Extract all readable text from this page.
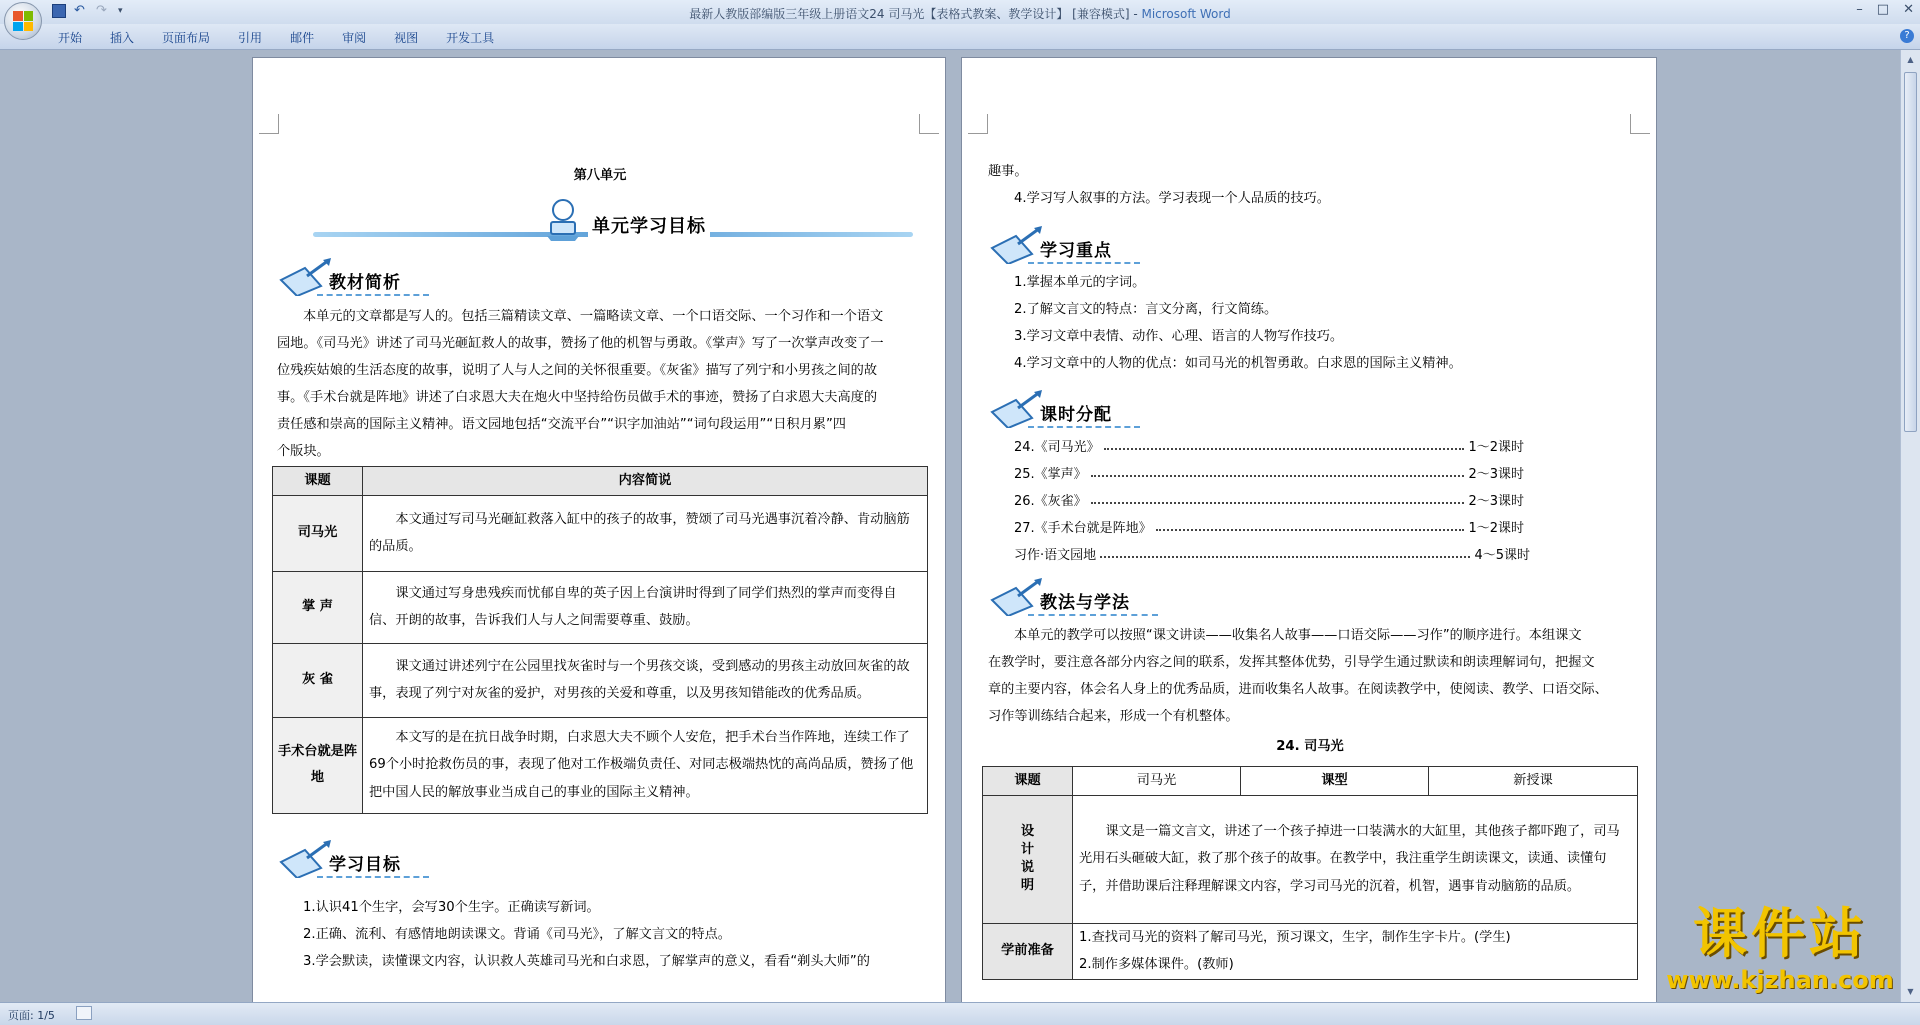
↶ ↷	▾	最新人教版部编版三年级上册语文24 司马光【表格式教案、教学设计】 [兼容模式] - Microsoft Word	– □ ✕
开始	插入	页面布局	引用	邮件	审阅	视图	开发工具	?
第八单元
单元学习目标
教材简析
本单元的文章都是写人的。包括三篇精读文章、一篇略读文章、一个口语交际、一个习作和一个语文
园地。《司马光》讲述了司马光砸缸救人的故事，赞扬了他的机智与勇敢。《掌声》写了一次掌声改变了一
位残疾姑娘的生活态度的故事，说明了人与人之间的关怀很重要。《灰雀》描写了列宁和小男孩之间的故
事。《手术台就是阵地》讲述了白求恩大夫在炮火中坚持给伤员做手术的事迹，赞扬了白求恩大夫高度的
责任感和崇高的国际主义精神。语文园地包括“交流平台”“识字加油站”“词句段运用”“日积月累”四
个版块。
课题	内容简说
司马光	本文通过写司马光砸缸救落入缸中的孩子的故事，赞颂了司马光遇事沉着冷静、肯动脑筋的品质。
掌 声	课文通过写身患残疾而忧郁自卑的英子因上台演讲时得到了同学们热烈的掌声而变得自信、开朗的故事，告诉我们人与人之间需要尊重、鼓励。
灰 雀	课文通过讲述列宁在公园里找灰雀时与一个男孩交谈，受到感动的男孩主动放回灰雀的故事，表现了列宁对灰雀的爱护，对男孩的关爱和尊重，以及男孩知错能改的优秀品质。
手术台就是阵地	本文写的是在抗日战争时期，白求恩大夫不顾个人安危，把手术台当作阵地，连续工作了69个小时抢救伤员的事，表现了他对工作极端负责任、对同志极端热忱的高尚品质，赞扬了他把中国人民的解放事业当成自己的事业的国际主义精神。
学习目标
1.认识41个生字，会写30个生字。正确读写新词。
2.正确、流利、有感情地朗读课文。背诵《司马光》，了解文言文的特点。
3.学会默读，读懂课文内容，认识救人英雄司马光和白求恩，了解掌声的意义，看看“剃头大师”的
趣事。
4.学习写人叙事的方法。学习表现一个人品质的技巧。
学习重点
1.掌握本单元的字词。
2.了解文言文的特点：言文分离，行文简练。
3.学习文章中表情、动作、心理、语言的人物写作技巧。
4.学习文章中的人物的优点：如司马光的机智勇敢。白求恩的国际主义精神。
课时分配
24.《司马光》	1～2课时
25.《掌声》	2～3课时
26.《灰雀》	2～3课时
27.《手术台就是阵地》	1～2课时
习作·语文园地	4～5课时
教法与学法
本单元的教学可以按照“课文讲读——收集名人故事——口语交际——习作”的顺序进行。本组课文
在教学时，要注意各部分内容之间的联系，发挥其整体优势，引导学生通过默读和朗读理解词句，把握文
章的主要内容，体会名人身上的优秀品质，进而收集名人故事。在阅读教学中，使阅读、教学、口语交际、
习作等训练结合起来，形成一个有机整体。
24. 司马光
课题	司马光	课型	新授课
设计说明	课文是一篇文言文，讲述了一个孩子掉进一口装满水的大缸里，其他孩子都吓跑了，司马光用石头砸破大缸，救了那个孩子的故事。在教学中，我注重学生朗读课文，读通、读懂句子，并借助课后注释理解课文内容，学习司马光的沉着，机智，遇事肯动脑筋的品质。		
学前准备	1.查找司马光的资料了解司马光，预习课文，生字，制作生字卡片。(学生)
2.制作多媒体课件。(教师)		
▲
▼
课件站
www.kjzhan.com
页面: 1/5
